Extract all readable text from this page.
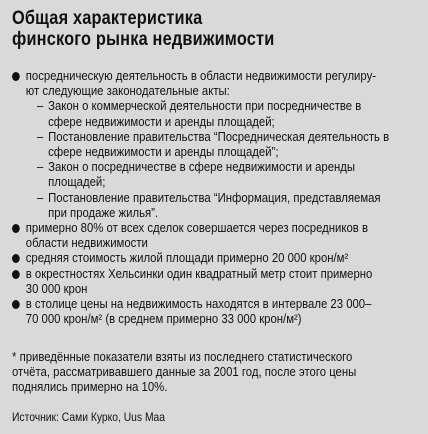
Общая характеристика
финского рынка недвижимости
посредническую деятельность в области недвижимости регулиру-
ют следующие законодательные акты:
– Закон о коммерческой деятельности при посредничестве в
сфере недвижимости и аренды площадей;
– Постановление правительства “Посредническая деятельность в
сфере недвижимости и аренды площадей”;
– Закон о посредничестве в сфере недвижимости и аренды
площадей;
– Постановление правительства “Информация, представляемая
при продаже жилья”.
примерно 80% от всех сделок совершается через посредников в
области недвижимости
средняя стоимость жилой площади примерно 20 000 крон/м²
в окрестностях Хельсинки один квадратный метр стоит примерно
30 000 крон
в столице цены на недвижимость находятся в интервале 23 000–
70 000 крон/м² (в среднем примерно 33 000 крон/м²)
* приведённые показатели взяты из последнего статистического
отчёта, рассматривавшего данные за 2001 год, после этого цены
поднялись примерно на 10%.
Источник: Сами Курко, Uus Maa
